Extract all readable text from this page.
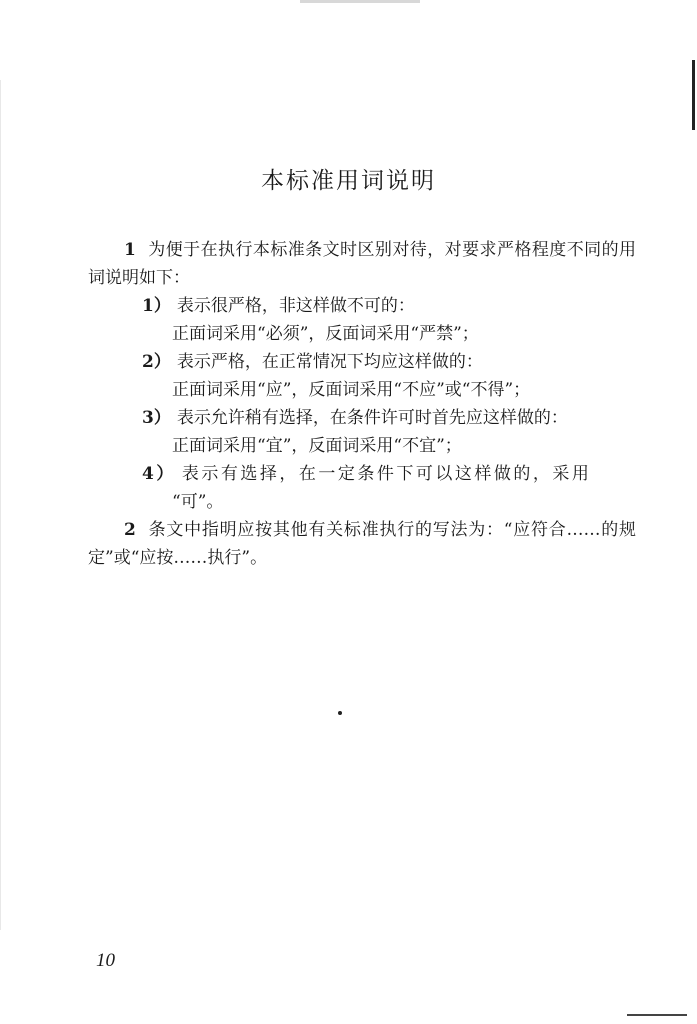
本标准用词说明
1 为便于在执行本标准条文时区别对待，对要求严格程度不同的用词说明如下：
1） 表示很严格，非这样做不可的：
正面词采用“必须”，反面词采用“严禁”；
2） 表示严格，在正常情况下均应这样做的：
正面词采用“应”，反面词采用“不应”或“不得”；
3） 表示允许稍有选择，在条件许可时首先应这样做的：
正面词采用“宜”，反面词采用“不宜”；
4） 表示有选择，在一定条件下可以这样做的，采用
“可”。
2 条文中指明应按其他有关标准执行的写法为：“应符合……的规定”或“应按……执行”。
10
